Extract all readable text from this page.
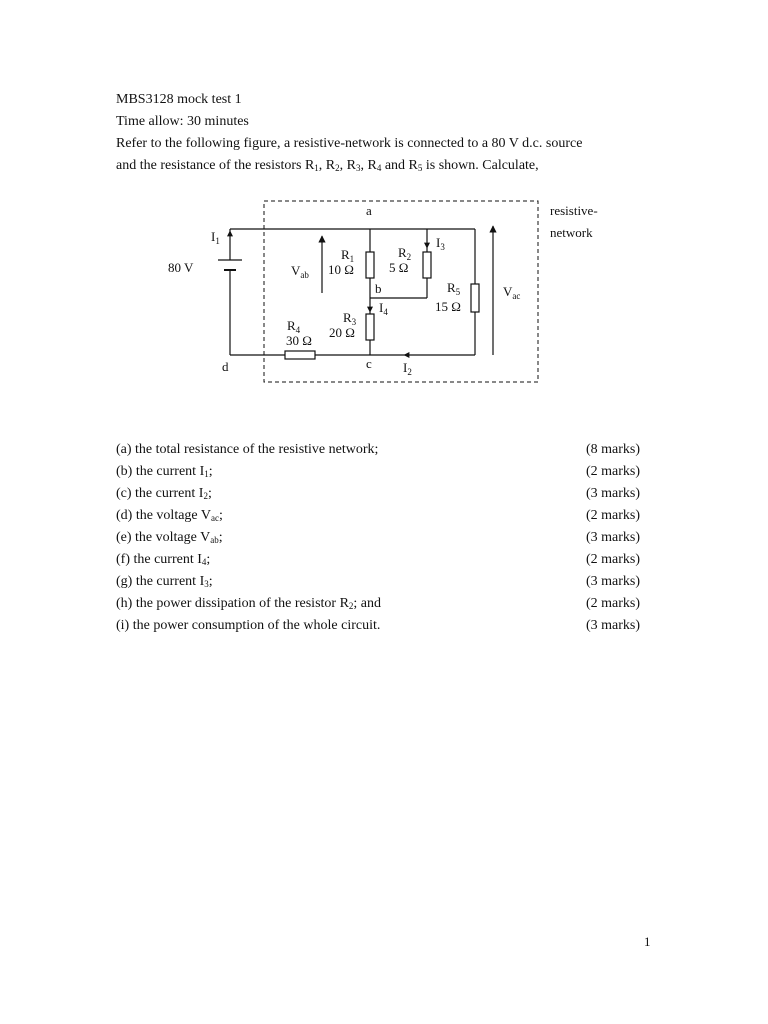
MBS3128 mock test 1
Time allow: 30 minutes
Refer to the following figure, a resistive-network is connected to a 80 V d.c. source
and the resistance of the resistors $R_1$, $R_2$, $R_3$, $R_4$ and $R_5$ is shown. Calculate,
a
b
c
d
80 V
$I_1$
$I_2$
$I_3$
$I_4$
$V_{ab}$
$V_{ac}$
$R_1$
10 Ω
$R_2$
5 Ω
$R_3$
20 Ω
$R_4$
30 Ω
$R_5$
15 Ω
resistive-
network
(a) the total resistance of the resistive network;	(8 marks)
(b) the current $I_1$;	(2 marks)
(c) the current $I_2$;	(3 marks)
(d) the voltage $V_{ac}$;	(2 marks)
(e) the voltage $V_{ab}$;	(3 marks)
(f) the current $I_4$;	(2 marks)
(g) the current $I_3$;	(3 marks)
(h) the power dissipation of the resistor $R_2$; and	(2 marks)
(i) the power consumption of the whole circuit.	(3 marks)
1
